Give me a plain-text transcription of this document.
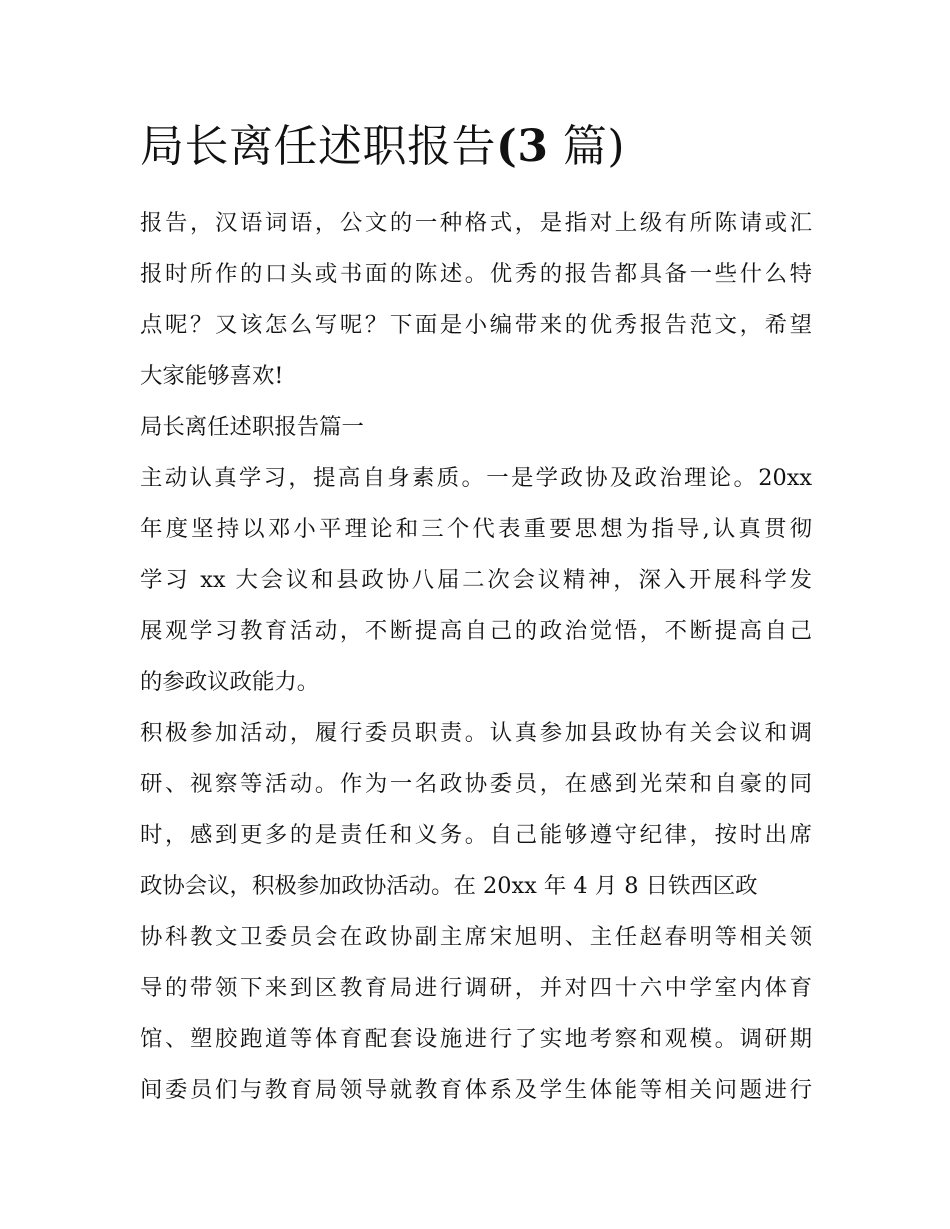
局长离任述职报告(3 篇)
报告，汉语词语，公文的一种格式，是指对上级有所陈请或汇
报时所作的口头或书面的陈述。优秀的报告都具备一些什么特
点呢？又该怎么写呢？下面是小编带来的优秀报告范文，希望
大家能够喜欢!
局长离任述职报告篇一
主动认真学习，提高自身素质。一是学政协及政治理论。20xx
年度坚持以邓小平理论和三个代表重要思想为指导,认真贯彻
学习 xx 大会议和县政协八届二次会议精神，深入开展科学发
展观学习教育活动，不断提高自己的政治觉悟，不断提高自己
的参政议政能力。
积极参加活动，履行委员职责。认真参加县政协有关会议和调
研、视察等活动。作为一名政协委员，在感到光荣和自豪的同
时，感到更多的是责任和义务。自己能够遵守纪律，按时出席
政协会议，积极参加政协活动。在 20xx 年 4 月 8 日铁西区政
协科教文卫委员会在政协副主席宋旭明、主任赵春明等相关领
导的带领下来到区教育局进行调研，并对四十六中学室内体育
馆、塑胶跑道等体育配套设施进行了实地考察和观模。调研期
间委员们与教育局领导就教育体系及学生体能等相关问题进行
